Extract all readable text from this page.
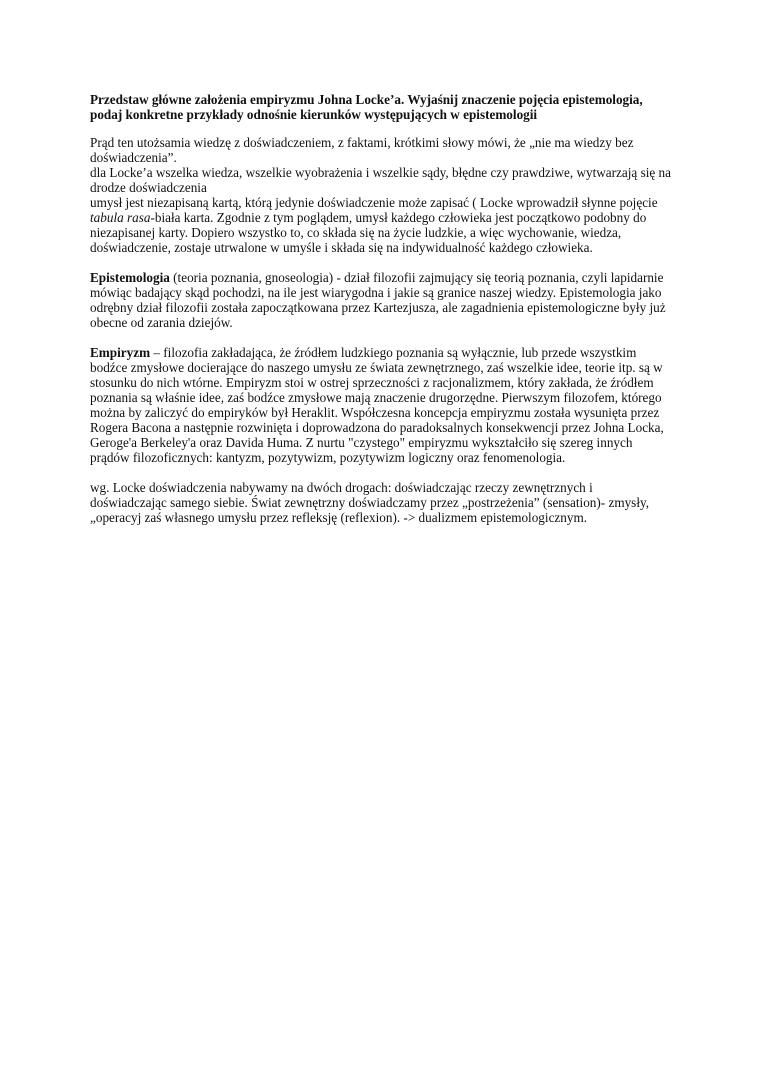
Przedstaw główne założenia empiryzmu Johna Locke’a. Wyjaśnij znaczenie pojęcia epistemologia, podaj konkretne przykłady odnośnie kierunków występujących w epistemologii

Prąd ten utożsamia wiedzę z doświadczeniem, z faktami, krótkimi słowy mówi, że „nie ma wiedzy bez doświadczenia”.
dla Locke’a wszelka wiedza, wszelkie wyobrażenia i wszelkie sądy, błędne czy prawdziwe, wytwarzają się na drodze doświadczenia
umysł jest niezapisaną kartą, którą jedynie doświadczenie może zapisać ( Locke wprowadził słynne pojęcie tabula rasa-biała karta. Zgodnie z tym poglądem, umysł każdego człowieka jest początkowo podobny do niezapisanej karty. Dopiero wszystko to, co składa się na życie ludzkie, a więc wychowanie, wiedza, doświadczenie, zostaje utrwalone w umyśle i składa się na indywidualność każdego człowieka.

Epistemologia (teoria poznania, gnoseologia) - dział filozofii zajmujący się teorią poznania, czyli lapidarnie mówiąc badający skąd pochodzi, na ile jest wiarygodna i jakie są granice naszej wiedzy. Epistemologia jako odrębny dział filozofii została zapoczątkowana przez Kartezjusza, ale zagadnienia epistemologiczne były już obecne od zarania dziejów.

Empiryzm – filozofia zakładająca, że źródłem ludzkiego poznania są wyłącznie, lub przede wszystkim bodźce zmysłowe docierające do naszego umysłu ze świata zewnętrznego, zaś wszelkie idee, teorie itp. są w stosunku do nich wtórne. Empiryzm stoi w ostrej sprzeczności z racjonalizmem, który zakłada, że źródłem poznania są właśnie idee, zaś bodźce zmysłowe mają znaczenie drugorzędne. Pierwszym filozofem, którego można by zaliczyć do empiryków był Heraklit. Współczesna koncepcja empiryzmu została wysunięta przez Rogera Bacona a następnie rozwinięta i doprowadzona do paradoksalnych konsekwencji przez Johna Locka, Geroge'a Berkeley'a oraz Davida Huma. Z nurtu "czystego" empiryzmu wykształciło się szereg innych prądów filozoficznych: kantyzm, pozytywizm, pozytywizm logiczny oraz fenomenologia.

wg. Locke doświadczenia nabywamy na dwóch drogach: doświadczając rzeczy zewnętrznych i doświadczając samego siebie. Świat zewnętrzny doświadczamy przez „postrzeżenia” (sensation)- zmysły, „operacyj zaś własnego umysłu przez refleksję (reflexion). -> dualizmem epistemologicznym.
